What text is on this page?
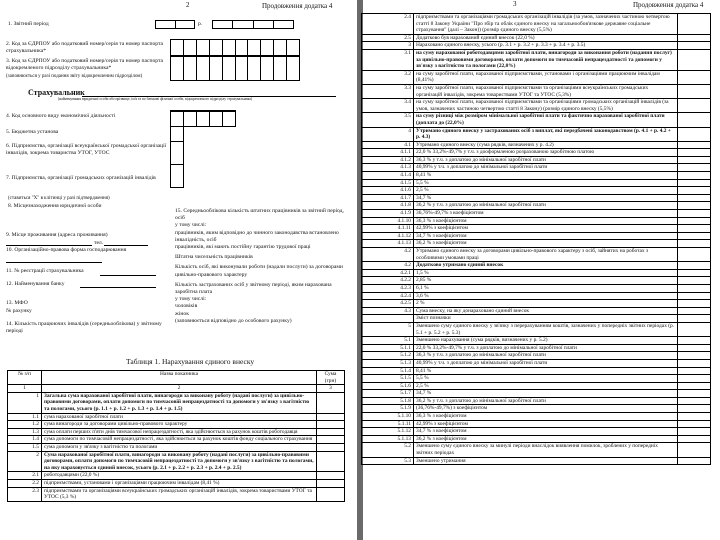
2	Продовження додатка 4
1. Звітний період	р.
2. Код за ЄДРПОУ або податковий номер/серія та номер паспорта страхувальника*
3. Код за ЄДРПОУ або податковий номер/серія та номер паспорта відокремленого підрозділу страхувальника*
(заповнюється у разі подання звіту відокремленим підрозділом)
Страхувальник
(найменування юридичної особи або прізвище, ім'я та по батькові фізичної особи, відокремленого підрозділу страхувальника)
4. Код основного виду економічної діяльності
5. Бюджетна установа
6. Підприємства, організації всеукраїнської громадської організації інвалідів, зокрема товариства УТОГ, УТОС
7. Підприємства, організації громадських організацій інвалідів
(ставиться "Х" в клітинці у разі підтвердження)
8. Місцезнаходження юридичної особи
9. Місце проживання (адреса проживання)
тел.
10. Організаційно-правова форма господарювання
11. № реєстрації страхувальника
12. Найменування банку
13. МФО
№ рахунку
14. Кількість працюючих інвалідів (середньооблікова) у звітному періоді
15. Середньооблікова кількість штатних працівників за звітний період, осіб
у тому числі:
працівників, яким відповідно до чинного законодавства встановлено інвалідність, осіб
працівників, які мають постійну гарантію трудової праці
Штатна чисельність працівників
Кількість осіб, які виконували роботи (надали послуги) за договорами цивільно-правового характеру
Кількість застрахованих осіб у звітному періоді, яким нарахована заробітна плата
у тому числі:
чоловіків
жінок
(заповнюється відповідно до особового рахунку)
Таблиця 1. Нарахування єдиного внеску
№ з/п	Назва показника	Сума (грн)
1	2	3
1	Загальна сума нарахованої заробітної плати, винагороди за виконану роботу (надані послуги) за цивільно-правовими договорами, оплати допомоги по тимчасовій непрацездатності та допомоги у зв'язку з вагітністю та пологами, усього (р. 1.1 + р. 1.2 + р. 1.3 + р. 1.4 + р. 1.5)	
1.1	сума нарахованої заробітної плати	
1.2	сума винагороди за договорами цивільно-правового характеру	
1.3	сума оплати перших п'яти днів тимчасової непрацездатності, яка здійснюється за рахунок коштів роботодавця	
1.4	сума допомоги по тимчасовій непрацездатності, яка здійснюється за рахунок коштів фонду соціального страхування	
1.5	сума допомоги у зв'язку з вагітністю та пологами	
2	Сума нарахованої заробітної плати, винагороди за виконану роботу (надані послуги) за цивільно-правовими договорами, оплати допомоги по тимчасовій непрацездатності та допомоги у зв'язку з вагітністю та пологами, на яку нараховується єдиний внесок, усього (р. 2.1 + р. 2.2 + р. 2.3 + р. 2.4 + р. 2.5)	
2.1	роботодавцями (22,0 %)	
2.2	підприємствами, установами і організаціями працюючим інвалідам (8,41 %)	
2.3	підприємствами та організаціями всеукраїнських громадських організацій інвалідів, зокрема товариствами УТОГ та УТОС (5,3 %)	
3	Продовження додатка 4
2.4	підприємствами та організаціями громадських організацій інвалідів (за умов, зазначених частиною четвертою статті 8 Закону України "Про збір та облік єдиного внеску на загальнообов'язкове державне соціальне страхування" (далі – Закон)) (розмір єдиного внеску (5,5%)	
2.5	Додатково був нарахований єдиний внесок (22,0 %)	
3	Нараховано єдиного внеску, усього (р. 3.1 + р. 3.2 + р. 3.3 + р. 3.4 + р. 3.5)	
3.1	на суму нарахованої роботодавцями заробітної плати, винагороди за виконання роботи (надання послуг) за цивільно-правовими договорами, оплати допомоги по тимчасовій непрацездатності та допомоги у зв'язку з вагітністю та пологами (22,0%)	
3.2	на суму заробітної плати, нарахованої підприємствами, установами і організаціями працюючим інвалідам (8,41%)	
3.3	на суму заробітної плати, нарахованої підприємствами та організаціями всеукраїнських громадських організацій інвалідів, зокрема товариствами УТОГ та УТОС (5,3%)	
3.4	на суму заробітної плати, нарахованої підприємствами та організаціями громадських організацій інвалідів (за умов, зазначених частиною четвертою статті 8 Закону) (розмір єдиного внеску (5,5%)	
3.5	на суму різниці між розміром мінімальної заробітної плати та фактично нарахованої заробітної плати (доплата до (22,0%)	
4	Утримано єдиного внеску у застрахованих осіб з виплат, які передбачені законодавством (р. 4.1 + р. 4.2 + р. 4.3)	
4.1	Утримано єдиного внеску (сума рядків, визначених у р. 4.2)	
4.1.1	22,0 % 33,2%-49,7% у т.ч. з дооформленою розрахованою заробітною платою	
4.1.2	36,3 % у т.ч. з доплатою до мінімальної заробітної плати	
4.1.3	40,99% у т.ч. з доплатою до мінімальної заробітної плати	
4.1.4	8,41 %	
4.1.5	5,5 %	
4.1.6	2,5 %	
4.1.7	34,7 %	
4.1.8	36,2 % у т.ч. з доплатою до мінімальної заробітної плати	
4.1.9	36,76%-49,7% з коефіцієнтом	
4.1.10	36,3 % з коефіцієнтом	
4.1.11	42,99% з коефіцієнтом	
4.1.12	34,7 % з коефіцієнтом	
4.1.13	36,2 % з коефіцієнтом	
4.2	Утримано єдиного внеску за договорами цивільно-правового характеру з осіб, зайнятих на роботах з особливими умовами праці	
4.2	Додатково утримано єдиний внесок	
4.2.1	1,5 %	
4.2.2	2,85 %	
4.2.3	6,1 %	
4.2.4	3,6 %	
4.2.5	2 %	
4.3	Сума внеску, на яку донараховано єдиний внесок	
	Зміст позначки	
5	Зменшено суму єдиного внеску у зв'язку з перерахуванням коштів, зазначених у попередніх звітних періодах (р. 5.1 + р. 5.2 + р. 5.3)	
5.1	Зменшено нарахування (сума рядків, визначених у р. 5.2)	
5.1.1	22,0 % 33,2%-49,7% у т.ч. з доплатою до мінімальної заробітної плати	
5.1.2	36,3 % у т.ч. з доплатою до мінімальної заробітної плати	
5.1.3	40,99% у т.ч. з доплатою до мінімальної заробітної плати	
5.1.4	8,41 %	
5.1.5	5,5 %	
5.1.6	2,5 %	
5.1.7	34,7 %	
5.1.8	36,2 % у т.ч. з доплатою до мінімальної заробітної плати	
5.1.9	(36,76%-49,7%) з коефіцієнтом	
5.1.10	36,3 % з коефіцієнтом	
5.1.11	42,99% з коефіцієнтом	
5.1.12	34,7 % з коефіцієнтом	
5.1.13	36,2 % з коефіцієнтом	
5.2	Зменшено суму єдиного внеску за минулі періоди внаслідок виявлення помилок, зроблених у попередніх звітних періодах	
5.3	Зменшено утримання	
